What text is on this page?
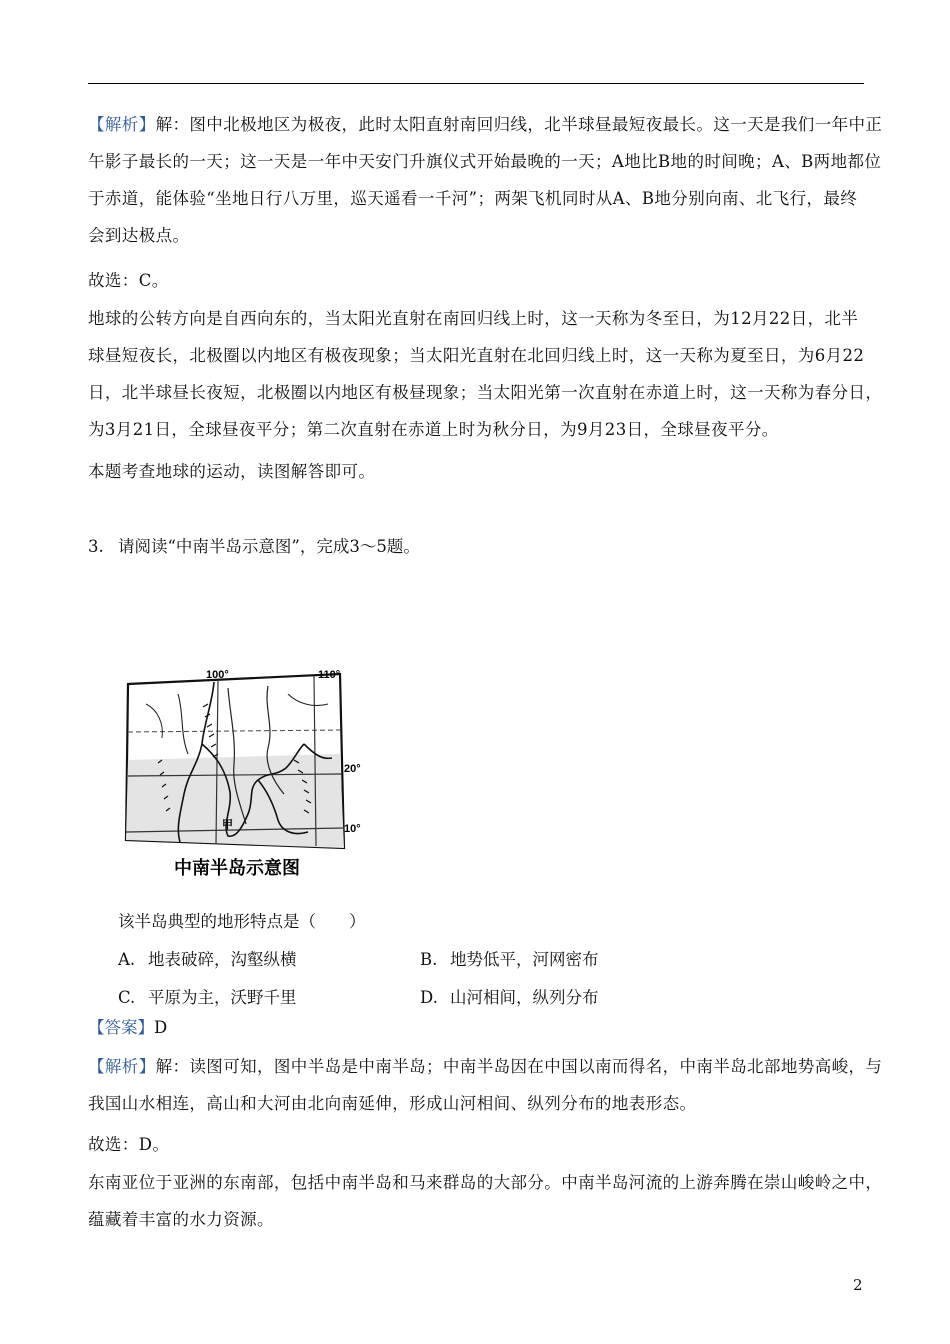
【解析】解：图中北极地区为极夜，此时太阳直射南回归线，北半球昼最短夜最长。这一天是我们一年中正
午影子最长的一天；这一天是一年中天安门升旗仪式开始最晚的一天；A地比B地的时间晚；A、B两地都位
于赤道，能体验“坐地日行八万里，巡天遥看一千河”；两架飞机同时从A、B地分别向南、北飞行，最终
会到达极点。
故选：C。
地球的公转方向是自西向东的，当太阳光直射在南回归线上时，这一天称为冬至日，为12月22日，北半
球昼短夜长，北极圈以内地区有极夜现象；当太阳光直射在北回归线上时，这一天称为夏至日，为6月22
日，北半球昼长夜短，北极圈以内地区有极昼现象；当太阳光第一次直射在赤道上时，这一天称为春分日，
为3月21日，全球昼夜平分；第二次直射在赤道上时为秋分日，为9月23日，全球昼夜平分。
本题考查地球的运动，读图解答即可。
3. 请阅读“中南半岛示意图”，完成3～5题。
100°	110°
20°
10°
甲
中南半岛示意图
该半岛典型的地形特点是（　　）
A. 地表破碎，沟壑纵横	B. 地势低平，河网密布
C. 平原为主，沃野千里	D. 山河相间，纵列分布
【答案】D
【解析】解：读图可知，图中半岛是中南半岛；中南半岛因在中国以南而得名，中南半岛北部地势高峻，与
我国山水相连，高山和大河由北向南延伸，形成山河相间、纵列分布的地表形态。
故选：D。
东南亚位于亚洲的东南部，包括中南半岛和马来群岛的大部分。中南半岛河流的上游奔腾在崇山峻岭之中，
蕴藏着丰富的水力资源。
2
